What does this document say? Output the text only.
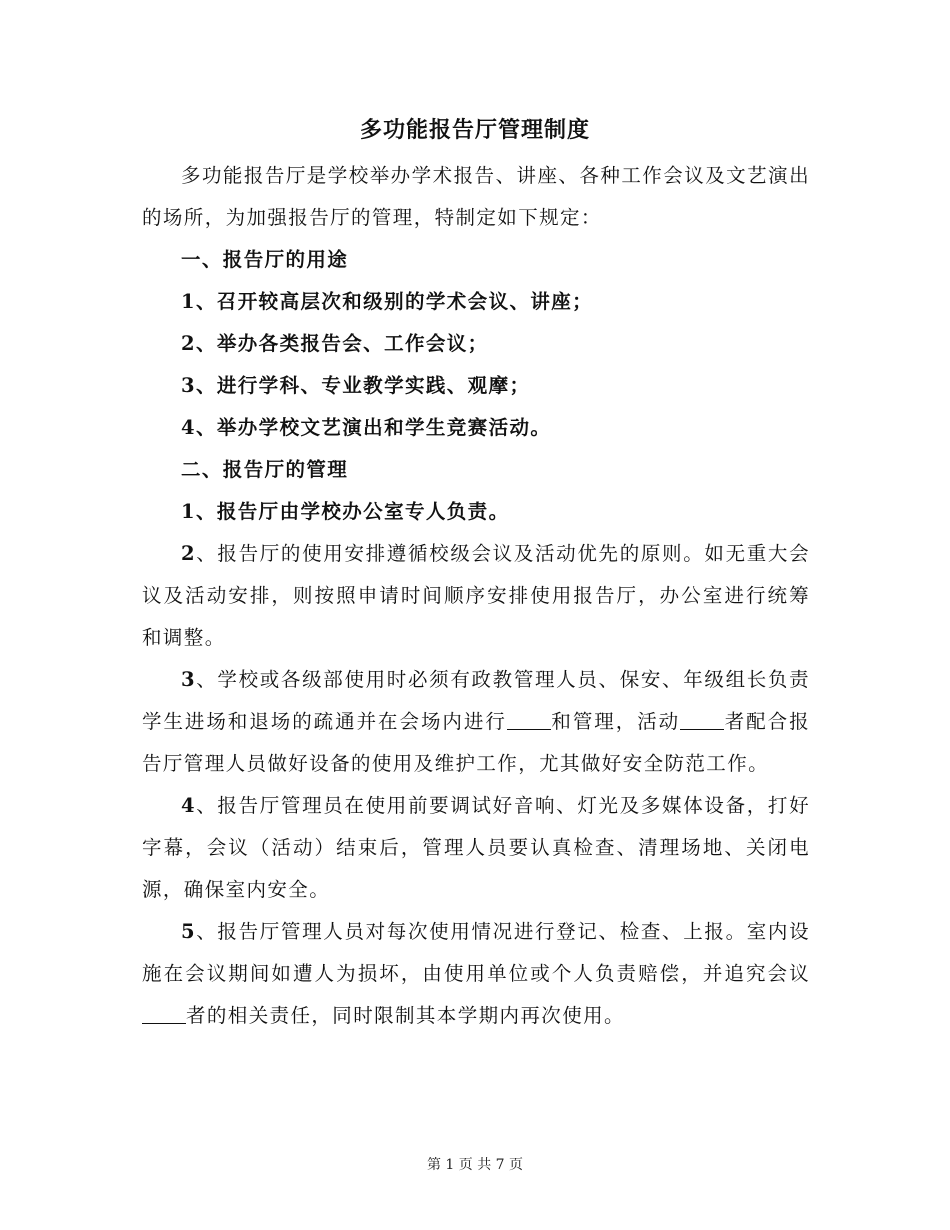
多功能报告厅管理制度

多功能报告厅是学校举办学术报告、讲座、各种工作会议及文艺演出的场所，为加强报告厅的管理，特制定如下规定：

一、报告厅的用途

1、召开较高层次和级别的学术会议、讲座；

2、举办各类报告会、工作会议；

3、进行学科、专业教学实践、观摩；

4、举办学校文艺演出和学生竞赛活动。

二、报告厅的管理

1、报告厅由学校办公室专人负责。

2、报告厅的使用安排遵循校级会议及活动优先的原则。如无重大会议及活动安排，则按照申请时间顺序安排使用报告厅，办公室进行统筹和调整。

3、学校或各级部使用时必须有政教管理人员、保安、年级组长负责学生进场和退场的疏通并在会场内进行 和管理，活动 者配合报告厅管理人员做好设备的使用及维护工作，尤其做好安全防范工作。

4、报告厅管理员在使用前要调试好音响、灯光及多媒体设备，打好字幕，会议（活动）结束后，管理人员要认真检查、清理场地、关闭电源，确保室内安全。

5、报告厅管理人员对每次使用情况进行登记、检查、上报。室内设施在会议期间如遭人为损坏，由使用单位或个人负责赔偿，并追究会议者的相关责任，同时限制其本学期内再次使用。

第 1 页 共 7 页
